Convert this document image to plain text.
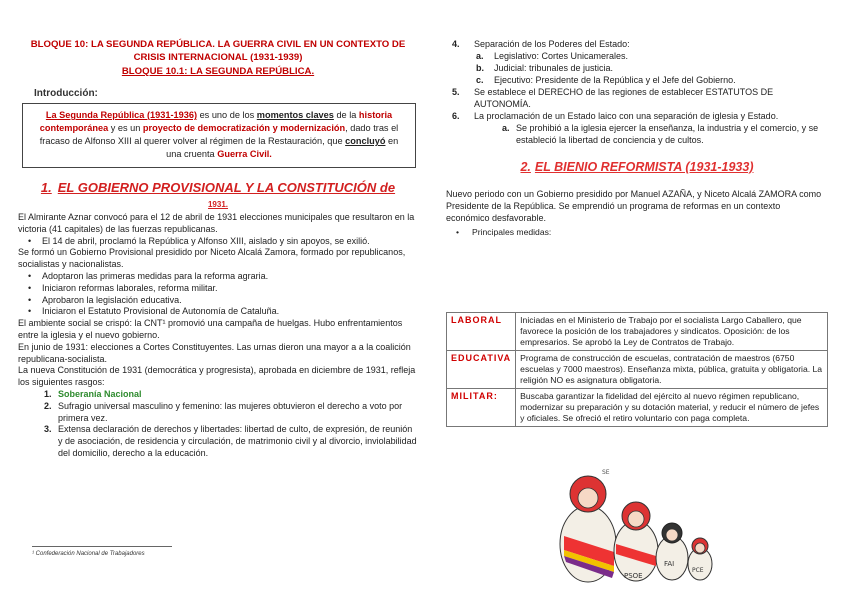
BLOQUE 10: LA SEGUNDA REPÚBLICA. LA GUERRA CIVIL EN UN CONTEXTO DE
CRISIS INTERNACIONAL (1931-1939)
BLOQUE 10.1: LA SEGUNDA REPÚBLICA.
Introducción:
La Segunda República (1931-1936) es uno de los momentos claves de la historia contemporánea y es un proyecto de democratización y modernización, dado tras el fracaso de Alfonso XIII al querer volver al régimen de la Restauración, que concluyó en una cruenta Guerra Civil.
1. EL GOBIERNO PROVISIONAL Y LA CONSTITUCIÓN de
1931.

El Almirante Aznar convocó para el 12 de abril de 1931 elecciones municipales que resultaron en la victoria (41 capitales) de las fuerzas republicanas.

• El 14 de abril, proclamó la República y Alfonso XIII, aislado y sin apoyos, se exilió.

Se formó un Gobierno Provisional presidido por Niceto Alcalá Zamora, formado por republicanos, socialistas y nacionalistas.

• Adoptaron las primeras medidas para la reforma agraria.

• Iniciaron reformas laborales, reforma militar.

• Aprobaron la legislación educativa.

• Iniciaron el Estatuto Provisional de Autonomía de Cataluña.

El ambiente social se crispó: la CNT¹ promovió una campaña de huelgas. Hubo enfrentamientos entre la iglesia y el nuevo gobierno.

En junio de 1931: elecciones a Cortes Constituyentes. Las urnas dieron una mayor a a la coalición republicana-socialista.

La nueva Constitución de 1931 (democrática y progresista), aprobada en diciembre de 1931, refleja los siguientes rasgos:

1. Soberanía Nacional

2. Sufragio universal masculino y femenino: las mujeres obtuvieron el derecho a voto por primera vez.

3. Extensa declaración de derechos y libertades: libertad de culto, de expresión, de reunión y de asociación, de residencia y circulación, de matrimonio civil y al divorcio, inviolabilidad del domicilio, derecho a la educación.

¹ Confederación Nacional de Trabajadores

4. Separación de los Poderes del Estado:

a. Legislativo: Cortes Unicamerales.

b. Judicial: tribunales de justicia.

c. Ejecutivo: Presidente de la República y el Jefe del Gobierno.

5. Se establece el DERECHO de las regiones de establecer ESTATUTOS DE AUTONOMÍA.

6. La proclamación de un Estado laico con una separación de iglesia y Estado.

a. Se prohibió a la iglesia ejercer la enseñanza, la industria y el comercio, y se estableció la libertad de conciencia y de cultos.

2. EL BIENIO REFORMISTA (1931-1933)

Nuevo periodo con un Gobierno presidido por Manuel AZAÑA, y Niceto Alcalá ZAMORA como Presidente de la República. Se emprendió un programa de reformas en un contexto económico desfavorable.

• Principales medidas:

LABORAL	Iniciadas en el Ministerio de Trabajo por el socialista Largo Caballero, que favorece la posición de los trabajadores y sindicatos. Oposición: de los empresarios. Se aprobó la Ley de Contratos de Trabajo.
EDUCATIVA	Programa de construcción de escuelas, contratación de maestros (6750 escuelas y 7000 maestros). Enseñanza mixta, pública, gratuita y obligatoria. La religión NO es asignatura obligatoria.
MILITAR:	Buscaba garantizar la fidelidad del ejército al nuevo régimen republicano, modernizar su preparación y su dotación material, y reducir el número de jefes y oficiales. Se ofreció el retiro voluntario con paga completa.
PSOE
FAI
PCE
SE
